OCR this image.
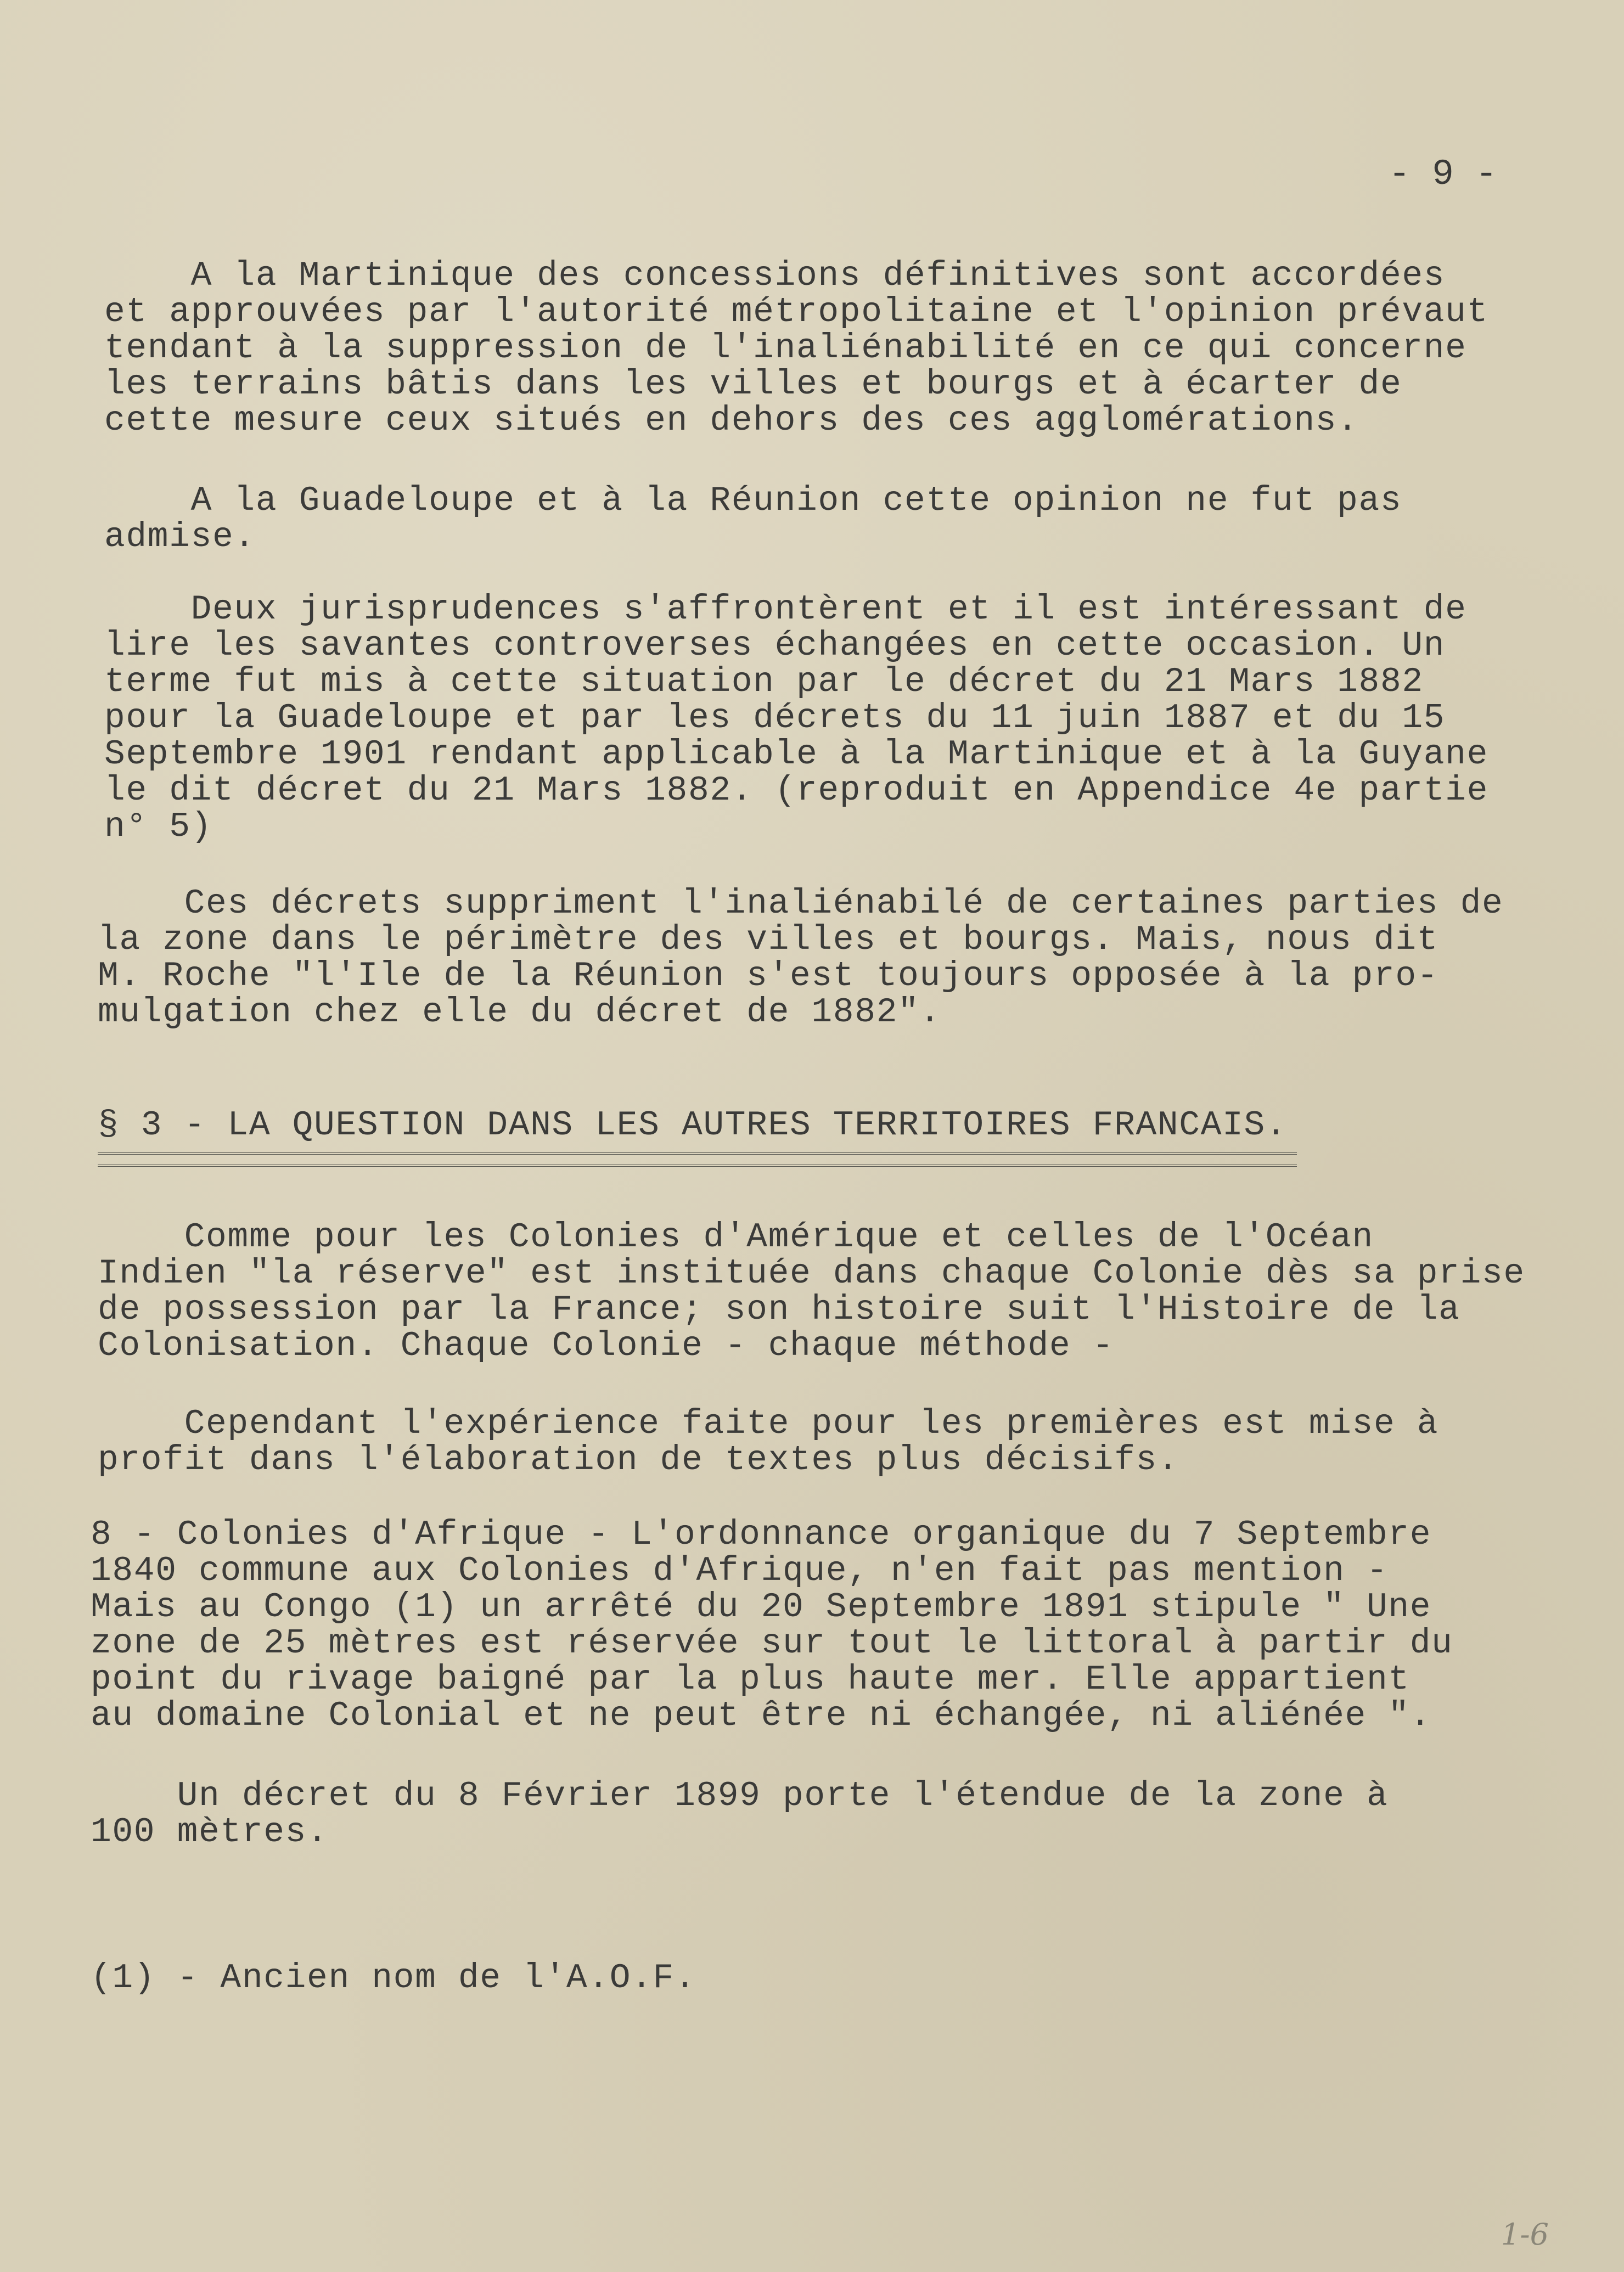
- 9 -
A la Martinique des concessions définitives sont accordées
et approuvées par l'autorité métropolitaine et l'opinion prévaut
tendant à la suppression de l'inaliénabilité en ce qui concerne
les terrains bâtis dans les villes et bourgs et à écarter de
cette mesure ceux situés en dehors des ces agglomérations.
A la Guadeloupe et à la Réunion cette opinion ne fut pas
admise.
Deux jurisprudences s'affrontèrent et il est intéressant de
lire les savantes controverses échangées en cette occasion. Un
terme fut mis à cette situation par le décret du 21 Mars 1882
pour la Guadeloupe et par les décrets du 11 juin 1887 et du 15
Septembre 1901 rendant applicable à la Martinique et à la Guyane
le dit décret du 21 Mars 1882. (reproduit en Appendice 4e partie
n° 5)
Ces décrets suppriment l'inaliénabilé de certaines parties de
la zone dans le périmètre des villes et bourgs. Mais, nous dit
M. Roche "l'Ile de la Réunion s'est toujours opposée à la pro-
mulgation chez elle du décret de 1882".
§ 3 - LA QUESTION DANS LES AUTRES TERRITOIRES FRANCAIS.
Comme pour les Colonies d'Amérique et celles de l'Océan
Indien "la réserve" est instituée dans chaque Colonie dès sa prise
de possession par la France; son histoire suit l'Histoire de la
Colonisation. Chaque Colonie - chaque méthode -
Cependant l'expérience faite pour les premières est mise à
profit dans l'élaboration de textes plus décisifs.
8 - Colonies d'Afrique - L'ordonnance organique du 7 Septembre
1840 commune aux Colonies d'Afrique, n'en fait pas mention -
Mais au Congo (1) un arrêté du 20 Septembre 1891 stipule " Une
zone de 25 mètres est réservée sur tout le littoral à partir du
point du rivage baigné par la plus haute mer. Elle appartient
au domaine Colonial et ne peut être ni échangée, ni aliénée ".
Un décret du 8 Février 1899 porte l'étendue de la zone à
100 mètres.
(1) - Ancien nom de l'A.O.F.
1-6
